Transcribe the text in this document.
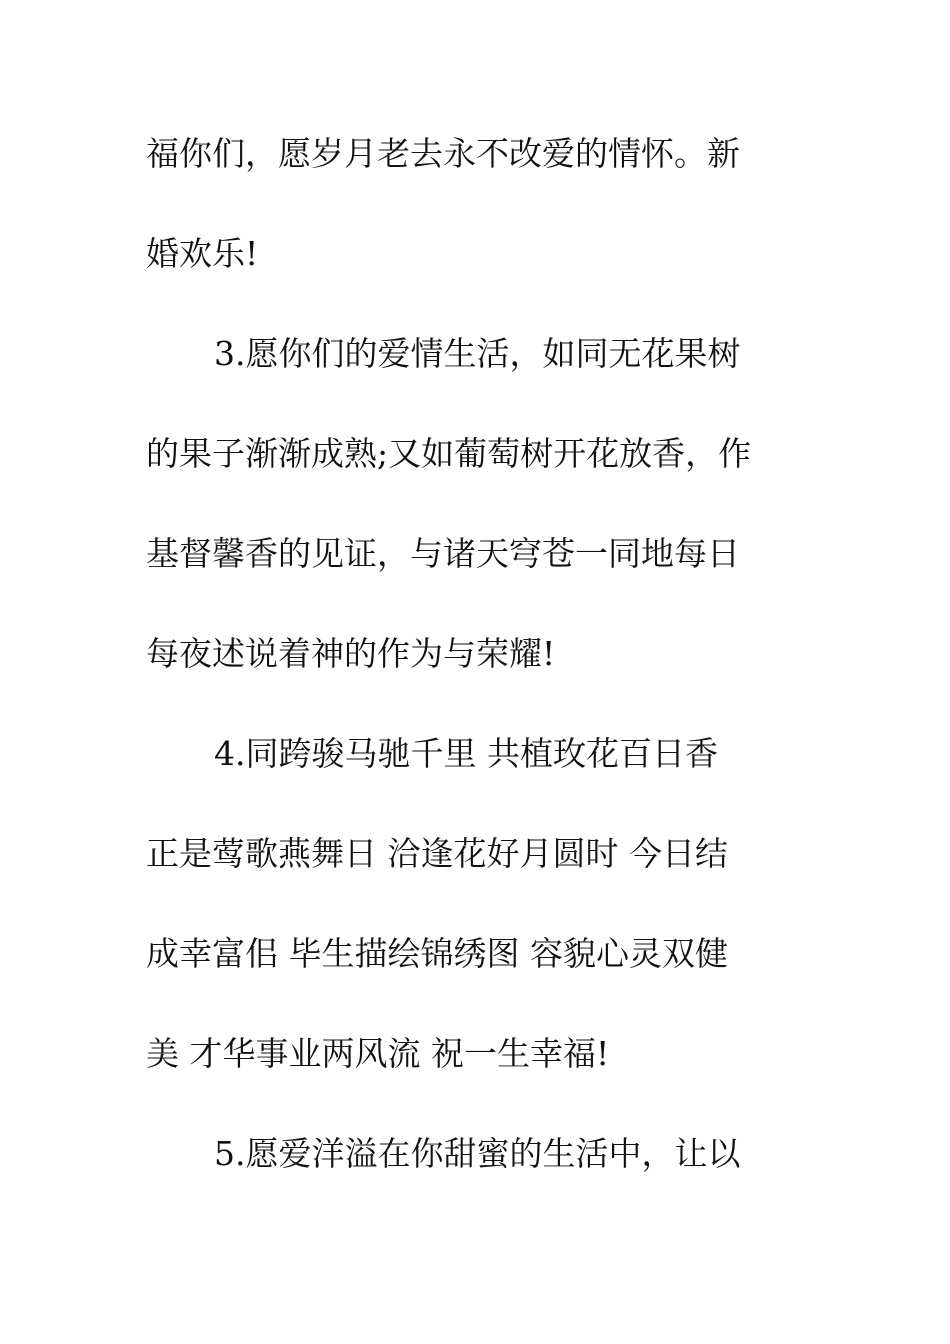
福你们，愿岁月老去永不改爱的情怀。新
婚欢乐!
3.愿你们的爱情生活，如同无花果树
的果子渐渐成熟;又如葡萄树开花放香，作
基督馨香的见证，与诸天穹苍一同地每日
每夜述说着神的作为与荣耀!
4.同跨骏马驰千里 共植玫花百日香
正是莺歌燕舞日 洽逢花好月圆时 今日结
成幸富佀 毕生描绘锦绣图 容貌心灵双健
美 才华事业两风流 祝一生幸福!
5.愿爱洋溢在你甜蜜的生活中，让以
